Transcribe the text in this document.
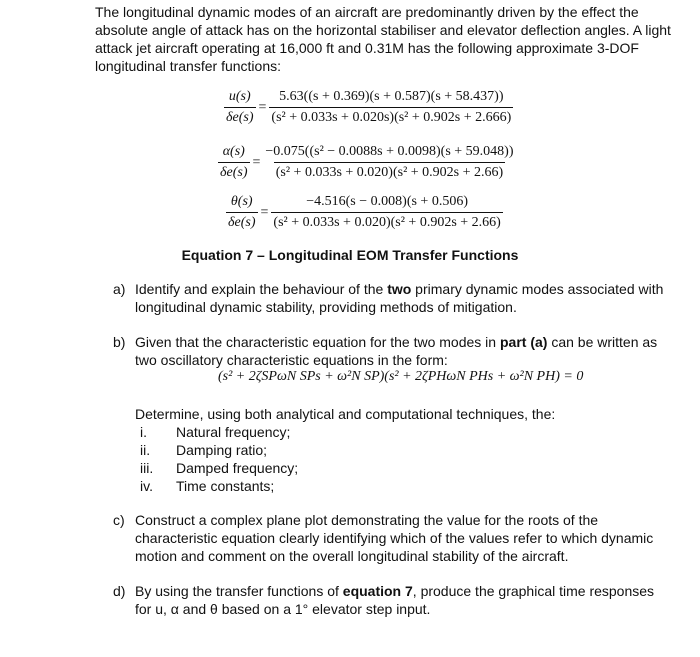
The longitudinal dynamic modes of an aircraft are predominantly driven by the effect the absolute angle of attack has on the horizontal stabiliser and elevator deflection angles. A light attack jet aircraft operating at 16,000 ft and 0.31M has the following approximate 3-DOF longitudinal transfer functions:
$\frac{u(s)}{\delta e(s)} = \frac{5.63((s + 0.369)(s + 0.587)(s + 58.437))}{\text{(s² + 0.033s + 0.020s)(s² + 0.902s + 2.666)}}$
$\frac{\alpha(s)}{\delta e(s)} = \frac{\text{−0.075((s² − 0.0088s + 0.0098)(s + 59.048))}}{\text{(s² + 0.033s + 0.020)(s² + 0.902s + 2.66)}}$
$\frac{\theta(s)}{\delta e(s)} = \frac{-4.516(s - 0.008)(s + 0.506)}{\text{(s² + 0.033s + 0.020)(s² + 0.902s + 2.66)}}$
Equation 7 – Longitudinal EOM Transfer Functions
a) Identify and explain the behaviour of the two primary dynamic modes associated with longitudinal dynamic stability, providing methods of mitigation.
b) Given that the characteristic equation for the two modes in part (a) can be written as two oscillatory characteristic equations in the form:
(s² + 2ζSPωN SPs + ω²N SP)(s² + 2ζPHωN PHs + ω²N PH) = 0
Determine, using both analytical and computational techniques, the:
i.	Natural frequency;
ii.	Damping ratio;
iii.	Damped frequency;
iv.	Time constants;
c) Construct a complex plane plot demonstrating the value for the roots of the characteristic equation clearly identifying which of the values refer to which dynamic motion and comment on the overall longitudinal stability of the aircraft.
d) By using the transfer functions of equation 7, produce the graphical time responses for u, α and θ based on a 1° elevator step input.
